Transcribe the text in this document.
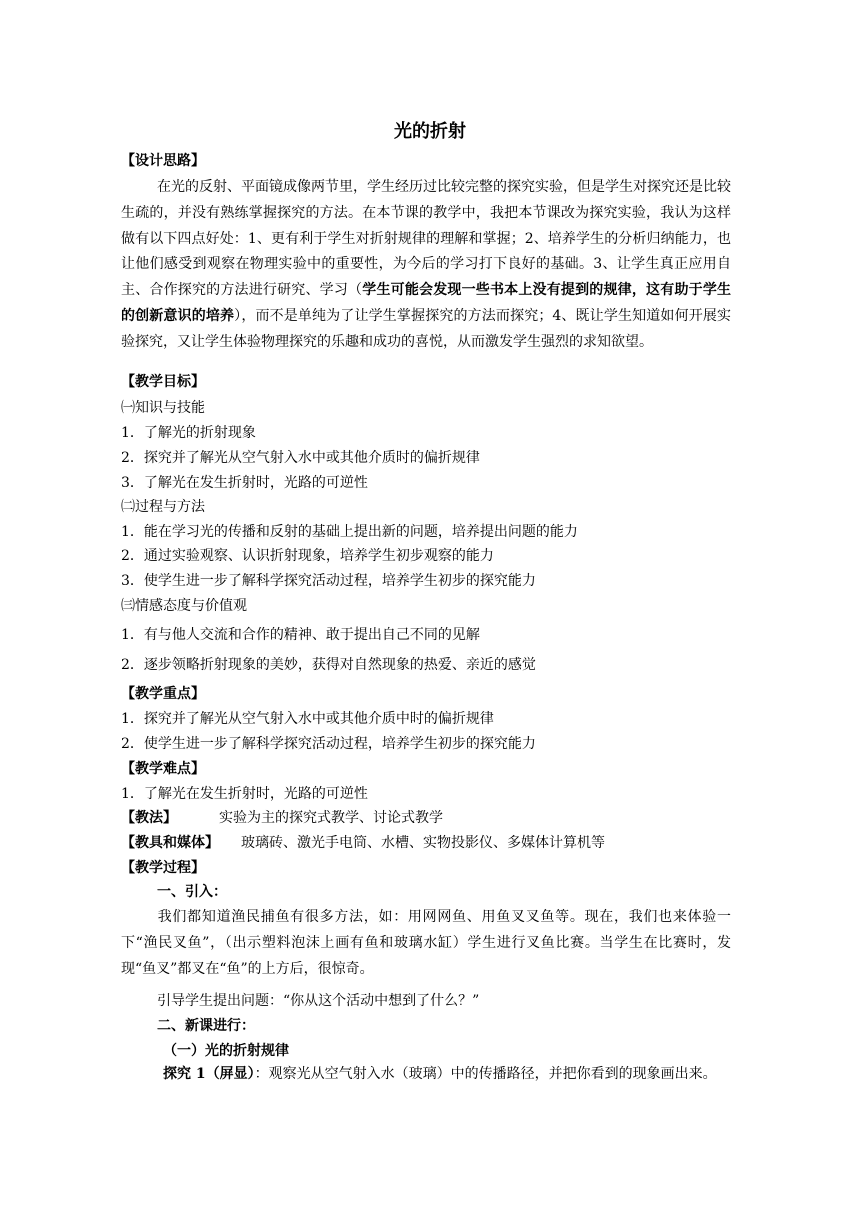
光的折射
【设计思路】

在光的反射、平面镜成像两节里，学生经历过比较完整的探究实验，但是学生对探究还是比较生疏的，并没有熟练掌握探究的方法。在本节课的教学中，我把本节课改为探究实验，我认为这样做有以下四点好处：1、更有利于学生对折射规律的理解和掌握；2、培养学生的分析归纳能力，也让他们感受到观察在物理实验中的重要性，为今后的学习打下良好的基础。3、让学生真正应用自主、合作探究的方法进行研究、学习（学生可能会发现一些书本上没有提到的规律，这有助于学生的创新意识的培养），而不是单纯为了让学生掌握探究的方法而探究；4、既让学生知道如何开展实验探究，又让学生体验物理探究的乐趣和成功的喜悦，从而激发学生强烈的求知欲望。

【教学目标】
㈠知识与技能
1．了解光的折射现象
2．探究并了解光从空气射入水中或其他介质时的偏折规律
3．了解光在发生折射时，光路的可逆性
㈡过程与方法
1．能在学习光的传播和反射的基础上提出新的问题，培养提出问题的能力
2．通过实验观察、认识折射现象，培养学生初步观察的能力
3．使学生进一步了解科学探究活动过程，培养学生初步的探究能力
㈢情感态度与价值观
1．有与他人交流和合作的精神、敢于提出自己不同的见解
2．逐步领略折射现象的美妙，获得对自然现象的热爱、亲近的感觉
【教学重点】
1．探究并了解光从空气射入水中或其他介质中时的偏折规律
2．使学生进一步了解科学探究活动过程，培养学生初步的探究能力
【教学难点】
1．了解光在发生折射时，光路的可逆性
【教法】	实验为主的探究式教学、讨论式教学
【教具和媒体】 玻璃砖、激光手电筒、水槽、实物投影仪、多媒体计算机等
【教学过程】
一、引入：

我们都知道渔民捕鱼有很多方法，如：用网网鱼、用鱼叉叉鱼等。现在，我们也来体验一下“渔民叉鱼”，（出示塑料泡沫上画有鱼和玻璃水缸）学生进行叉鱼比赛。当学生在比赛时，发现“鱼叉”都叉在“鱼”的上方后，很惊奇。

引导学生提出问题：“你从这个活动中想到了什么？”
二、新课进行：
（一）光的折射规律

探究 1（屏显）：观察光从空气射入水（玻璃）中的传播路径，并把你看到的现象画出来。
